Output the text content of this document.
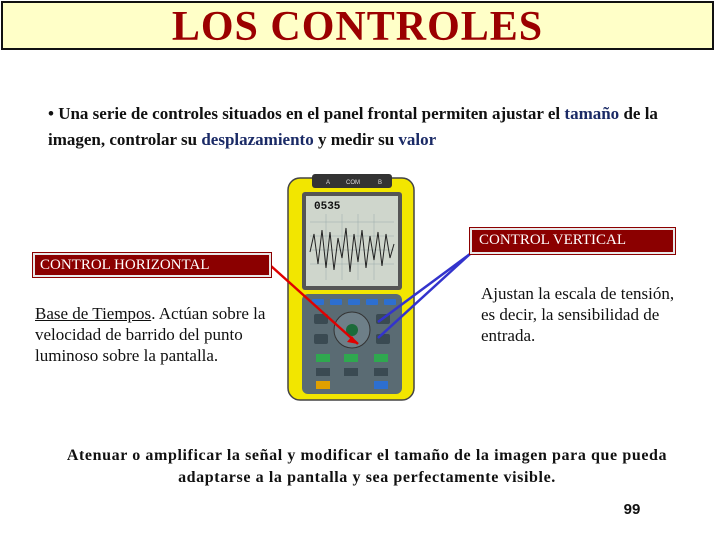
LOS CONTROLES
• Una serie de controles situados en el panel frontal permiten ajustar el tamaño de la imagen, controlar su desplazamiento y medir su valor
A	COM	B
0535
CONTROL HORIZONTAL
CONTROL VERTICAL
Base de Tiempos. Actúan sobre la velocidad de barrido del punto luminoso sobre la pantalla.
Ajustan la escala de tensión, es decir, la sensibilidad de entrada.
Atenuar o amplificar la señal y modificar el tamaño de la imagen para que pueda adaptarse a la pantalla y sea perfectamente visible.
99
